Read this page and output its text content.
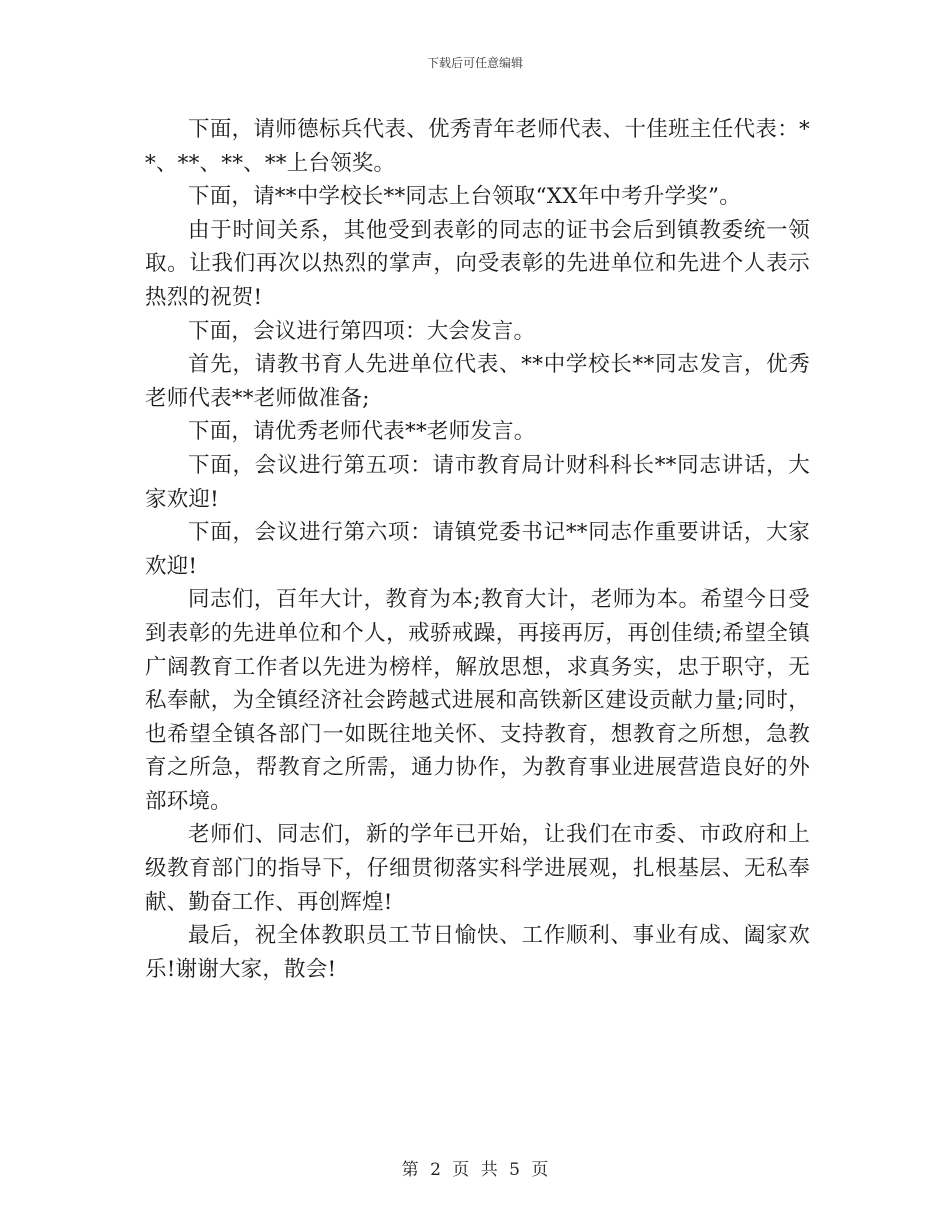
下载后可任意编辑

下面，请师德标兵代表、优秀青年老师代表、十佳班主任代表：**、**、**、**上台领奖。

下面，请**中学校长**同志上台领取“XX年中考升学奖”。

由于时间关系，其他受到表彰的同志的证书会后到镇教委统一领取。让我们再次以热烈的掌声，向受表彰的先进单位和先进个人表示热烈的祝贺!

下面，会议进行第四项：大会发言。

首先，请教书育人先进单位代表、**中学校长**同志发言，优秀老师代表**老师做准备;

下面，请优秀老师代表**老师发言。

下面，会议进行第五项：请市教育局计财科科长**同志讲话，大家欢迎!

下面，会议进行第六项：请镇党委书记**同志作重要讲话，大家欢迎!

同志们，百年大计，教育为本;教育大计，老师为本。希望今日受到表彰的先进单位和个人，戒骄戒躁，再接再厉，再创佳绩;希望全镇广阔教育工作者以先进为榜样，解放思想，求真务实，忠于职守，无私奉献，为全镇经济社会跨越式进展和高铁新区建设贡献力量;同时，也希望全镇各部门一如既往地关怀、支持教育，想教育之所想，急教育之所急，帮教育之所需，通力协作，为教育事业进展营造良好的外部环境。

老师们、同志们，新的学年已开始，让我们在市委、市政府和上级教育部门的指导下，仔细贯彻落实科学进展观，扎根基层、无私奉献、勤奋工作、再创辉煌!

最后，祝全体教职员工节日愉快、工作顺利、事业有成、阖家欢乐!谢谢大家，散会!

第 2 页 共 5 页
